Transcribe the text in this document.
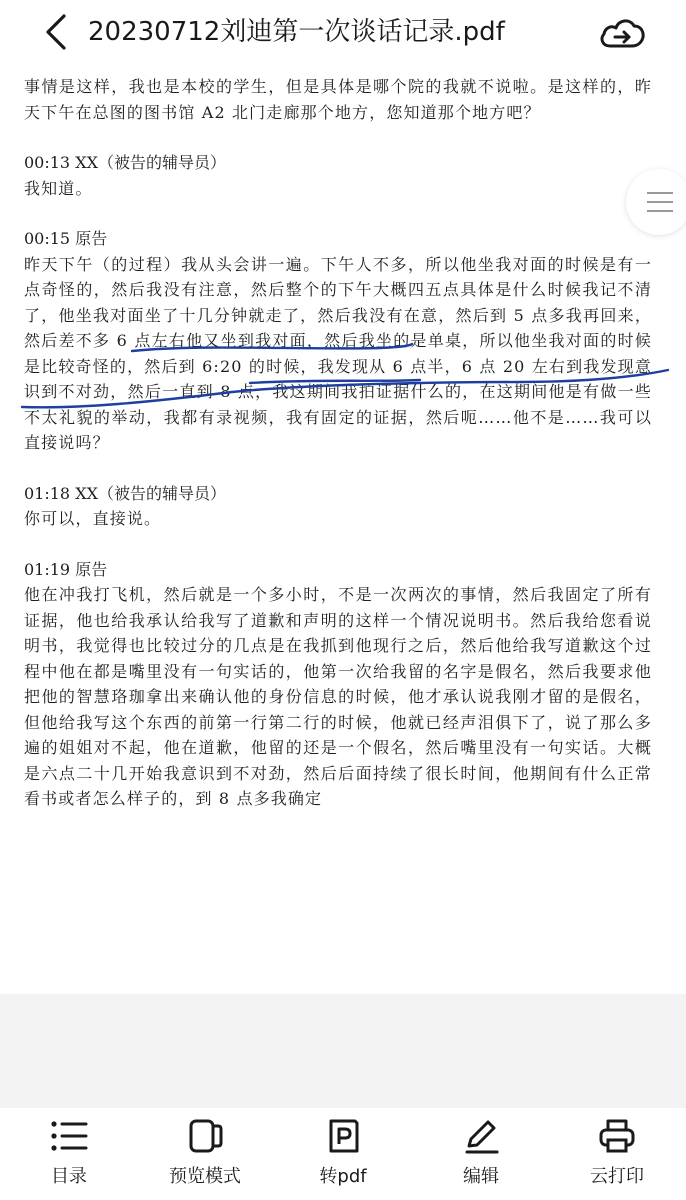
20230712刘迪第一次谈话记录.pdf

事情是这样，我也是本校的学生，但是具体是哪个院的我就不说啦。是这样的，昨天下午在总图的图书馆 A2 北门走廊那个地方，您知道那个地方吧？

00:13 XX（被告的辅导员）

我知道。

00:15 原告

昨天下午（的过程）我从头会讲一遍。下午人不多，所以他坐我对面的时候是有一点奇怪的，然后我没有注意，然后整个的下午大概四五点具体是什么时候我记不清了，他坐我对面坐了十几分钟就走了，然后我没有在意，然后到 5 点多我再回来，然后差不多 6 点左右他又坐到我对面，然后我坐的是单桌，所以他坐我对面的时候是比较奇怪的，然后到 6:20 的时候，我发现从 6 点半，6 点 20 左右到我发现意识到不对劲，然后一直到 8 点，我这期间我拍证据什么的，在这期间他是有做一些不太礼貌的举动，我都有录视频，我有固定的证据，然后呃……他不是……我可以直接说吗？

01:18 XX（被告的辅导员）

你可以，直接说。

01:19 原告

他在冲我打飞机，然后就是一个多小时，不是一次两次的事情，然后我固定了所有证据，他也给我承认给我写了道歉和声明的这样一个情况说明书。然后我给您看说明书，我觉得也比较过分的几点是在我抓到他现行之后，然后他给我写道歉这个过程中他在都是嘴里没有一句实话的，他第一次给我留的名字是假名，然后我要求他把他的智慧珞珈拿出来确认他的身份信息的时候，他才承认说我刚才留的是假名，但他给我写这个东西的前第一行第二行的时候，他就已经声泪俱下了，说了那么多遍的姐姐对不起，他在道歉，他留的还是一个假名，然后嘴里没有一句实话。大概是六点二十几开始我意识到不对劲，然后后面持续了很长时间，他期间有什么正常看书或者怎么样子的，到 8 点多我确定

目录	预览模式	转pdf	编辑	云打印
